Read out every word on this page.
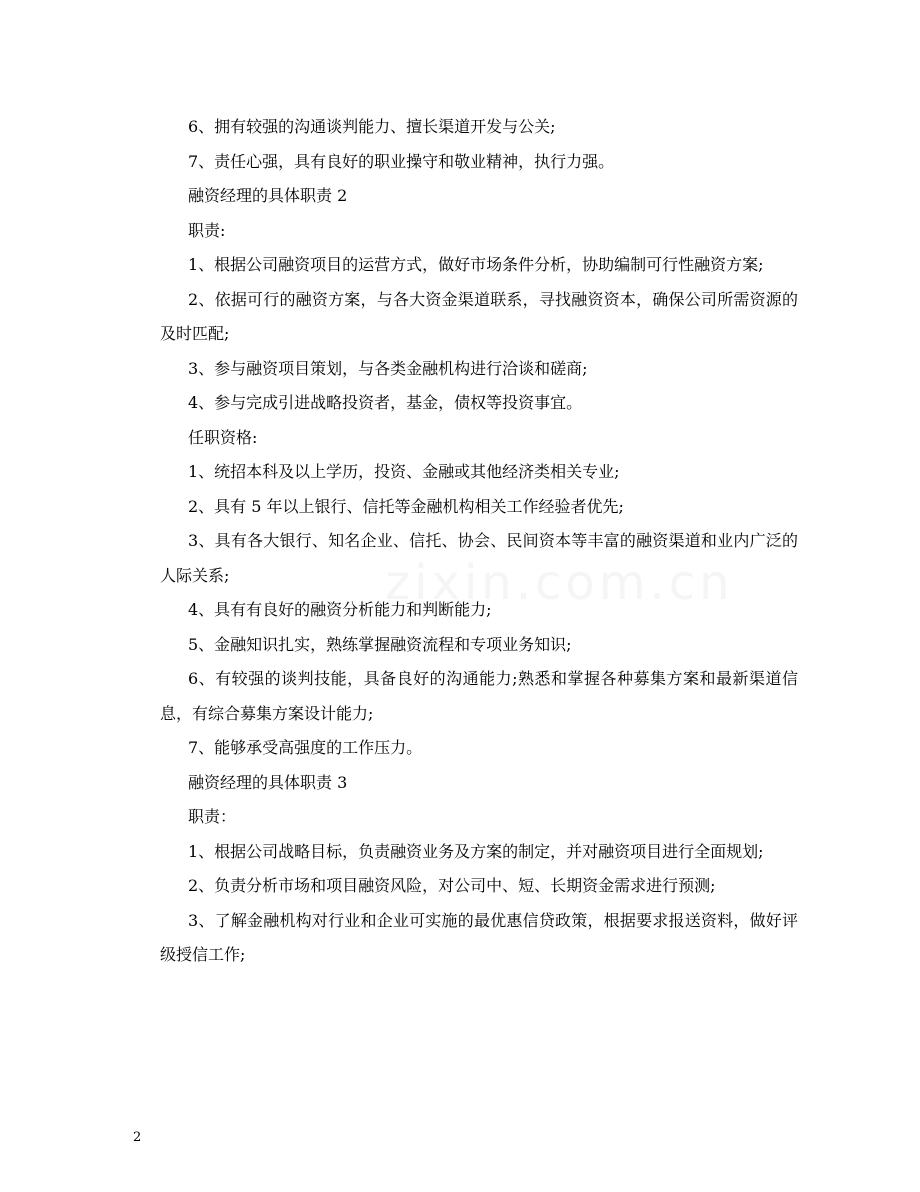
zixin.com.cn

6、拥有较强的沟通谈判能力、擅长渠道开发与公关;

7、责任心强，具有良好的职业操守和敬业精神，执行力强。

融资经理的具体职责 2

职责:

1、根据公司融资项目的运营方式，做好市场条件分析，协助编制可行性融资方案;

2、依据可行的融资方案，与各大资金渠道联系，寻找融资资本，确保公司所需资源的及时匹配;

3、参与融资项目策划，与各类金融机构进行洽谈和磋商;

4、参与完成引进战略投资者，基金，债权等投资事宜。

任职资格:

1、统招本科及以上学历，投资、金融或其他经济类相关专业;

2、具有 5 年以上银行、信托等金融机构相关工作经验者优先;

3、具有各大银行、知名企业、信托、协会、民间资本等丰富的融资渠道和业内广泛的人际关系;

4、具有有良好的融资分析能力和判断能力;

5、金融知识扎实，熟练掌握融资流程和专项业务知识;

6、有较强的谈判技能，具备良好的沟通能力;熟悉和掌握各种募集方案和最新渠道信息，有综合募集方案设计能力;

7、能够承受高强度的工作压力。

融资经理的具体职责 3

职责：

1、根据公司战略目标，负责融资业务及方案的制定，并对融资项目进行全面规划;

2、负责分析市场和项目融资风险，对公司中、短、长期资金需求进行预测;

3、了解金融机构对行业和企业可实施的最优惠信贷政策，根据要求报送资料，做好评级授信工作;

2
